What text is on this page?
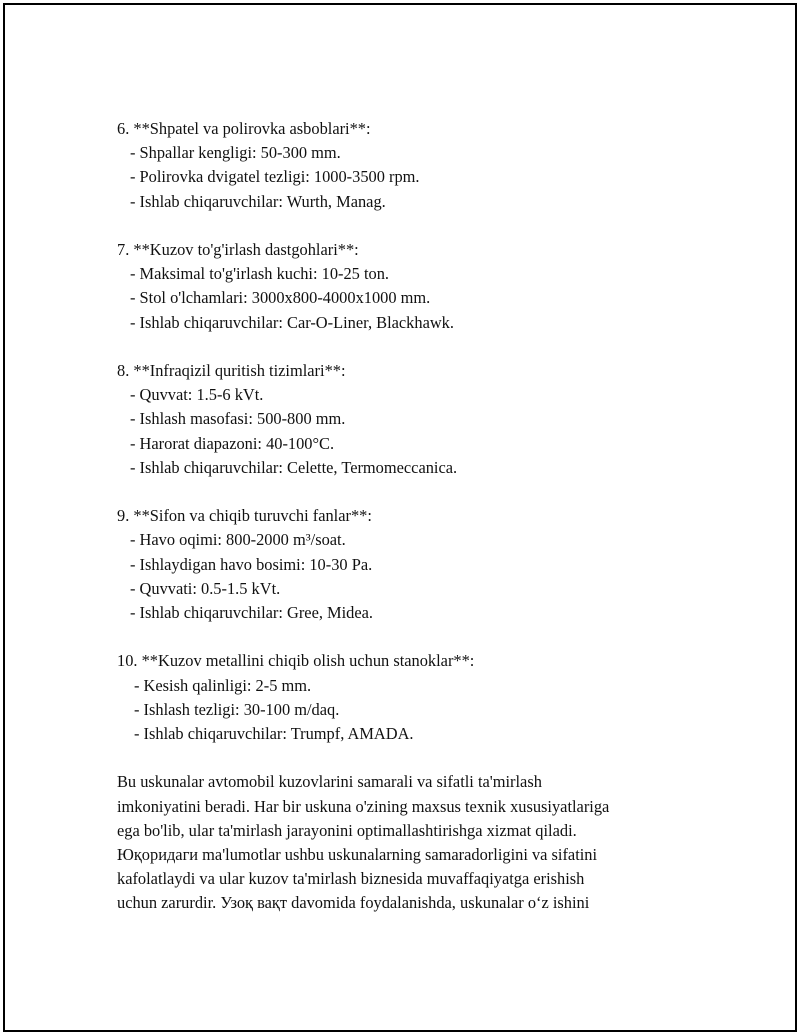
6. **Shpatel va polirovka asboblari**:
- Shpallar kengligi: 50-300 mm.
- Polirovka dvigatel tezligi: 1000-3500 rpm.
- Ishlab chiqaruvchilar: Wurth, Manag.
7. **Kuzov to'g'irlash dastgohlari**:
- Maksimal to'g'irlash kuchi: 10-25 ton.
- Stol o'lchamlari: 3000x800-4000x1000 mm.
- Ishlab chiqaruvchilar: Car-O-Liner, Blackhawk.
8. **Infraqizil quritish tizimlari**:
- Quvvat: 1.5-6 kVt.
- Ishlash masofasi: 500-800 mm.
- Harorat diapazoni: 40-100°C.
- Ishlab chiqaruvchilar: Celette, Termomeccanica.
9. **Sifon va chiqib turuvchi fanlar**:
- Havo oqimi: 800-2000 m³/soat.
- Ishlaydigan havo bosimi: 10-30 Pa.
- Quvvati: 0.5-1.5 kVt.
- Ishlab chiqaruvchilar: Gree, Midea.
10. **Kuzov metallini chiqib olish uchun stanoklar**:
- Kesish qalinligi: 2-5 mm.
- Ishlash tezligi: 30-100 m/daq.
- Ishlab chiqaruvchilar: Trumpf, AMADA.
Bu uskunalar avtomobil kuzovlarini samarali va sifatli ta'mirlash
imkoniyatini beradi. Har bir uskuna o'zining maxsus texnik xususiyatlariga
ega bo'lib, ular ta'mirlash jarayonini optimallashtirishga xizmat qiladi.
Юқоридаги ma'lumotlar ushbu uskunalarning samaradorligini va sifatini
kafolatlaydi va ular kuzov ta'mirlash biznesida muvaffaqiyatga erishish
uchun zarurdir. Узоқ вақт davomida foydalanishda, uskunalar o‘z ishini
